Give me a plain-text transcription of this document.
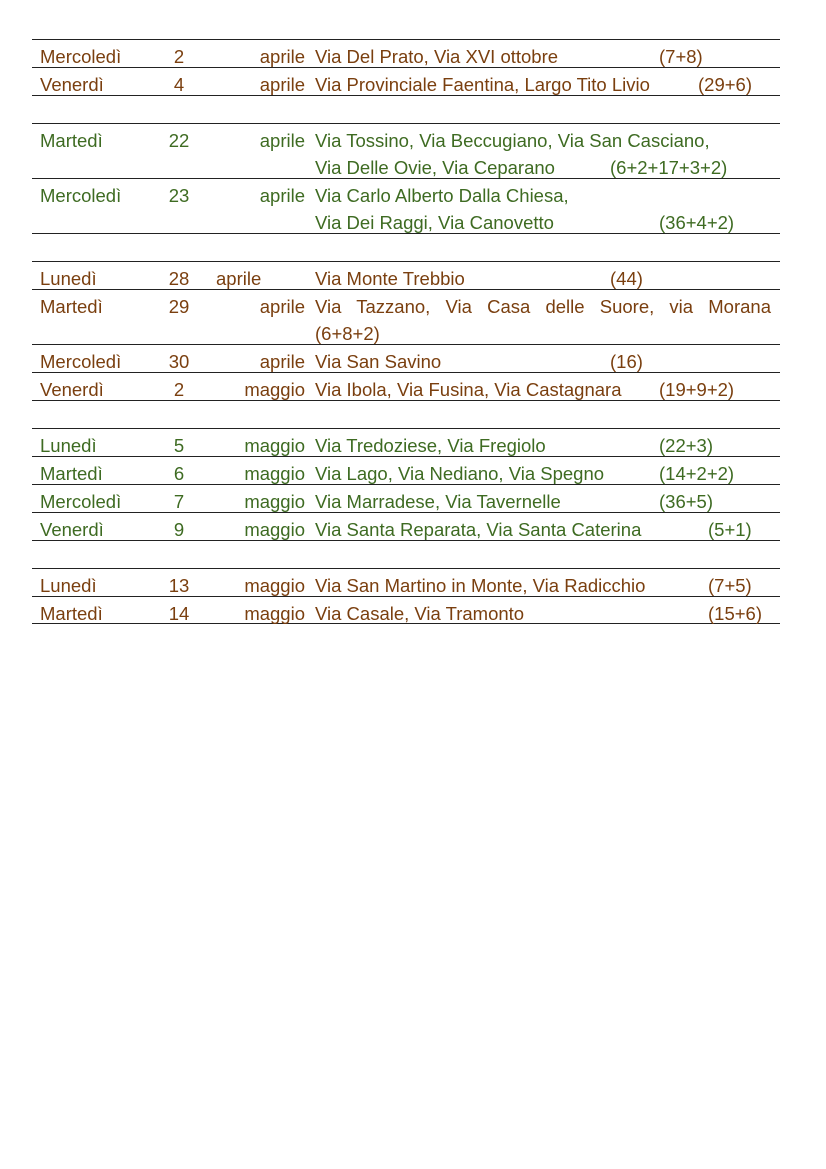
Mercoledì	2	aprile Via Del Prato, Via XVI ottobre	(7+8)
Venerdì	4	aprile Via Provinciale Faentina, Largo Tito Livio	(29+6)
Martedì	22	aprile Via Tossino, Via Beccugiano, Via San Casciano,
Via Delle Ovie, Via Ceparano	(6+2+17+3+2)
Mercoledì	23	aprile Via Carlo Alberto Dalla Chiesa,
Via Dei Raggi, Via Canovetto	(36+4+2)
Lunedì	28	aprile	Via Monte Trebbio	(44)
Martedì	29	aprile Via Tazzano, Via Casa delle Suore, via Morana
(6+8+2)
Mercoledì	30	aprile Via San Savino	(16)
Venerdì	2	maggio Via Ibola, Via Fusina, Via Castagnara (19+9+2)
Lunedì	5	maggio Via Tredoziese, Via Fregiolo	(22+3)
Martedì	6	maggio Via Lago, Via Nediano, Via Spegno	(14+2+2)
Mercoledì	7	maggio Via Marradese, Via Tavernelle	(36+5)
Venerdì	9	maggio Via Santa Reparata, Via Santa Caterina	(5+1)
Lunedì	13	maggio Via San Martino in Monte, Via Radicchio	(7+5)
Martedì	14	maggio Via Casale, Via Tramonto	(15+6)
